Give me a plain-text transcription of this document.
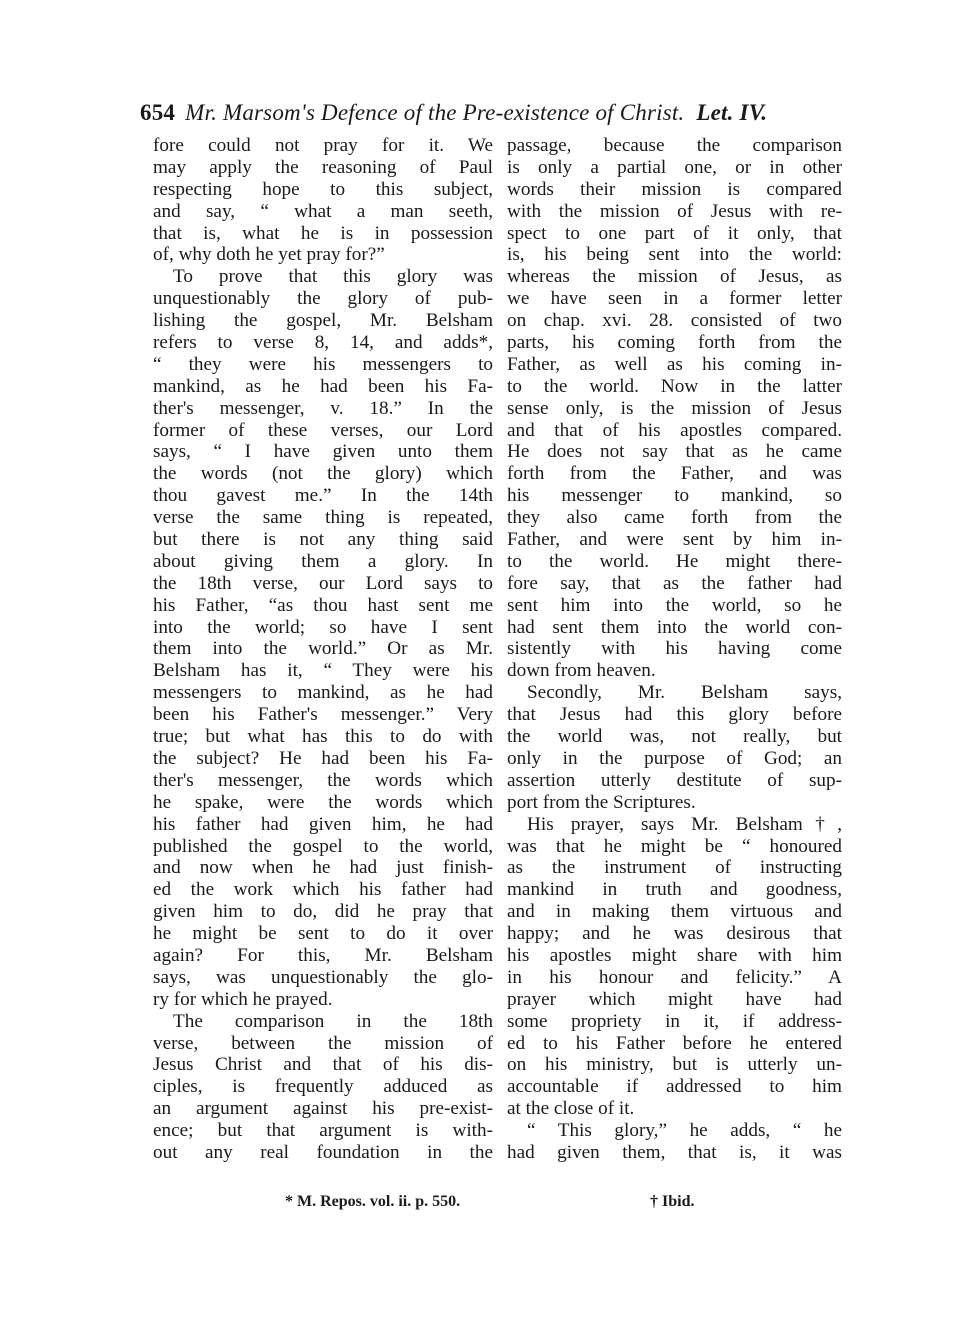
654 Mr. Marsom's Defence of the Pre-existence of Christ. Let. IV.
fore could not pray for it. We
may apply the reasoning of Paul
respecting hope to this subject,
and say, “ what a man seeth,
that is, what he is in possession
of, why doth he yet pray for?”
To prove that this glory was
unquestionably the glory of pub-
lishing the gospel, Mr. Belsham
refers to verse 8, 14, and adds*,
“ they were his messengers to
mankind, as he had been his Fa-
ther's messenger, v. 18.” In the
former of these verses, our Lord
says, “ I have given unto them
the words (not the glory) which
thou gavest me.” In the 14th
verse the same thing is repeated,
but there is not any thing said
about giving them a glory. In
the 18th verse, our Lord says to
his Father, “as thou hast sent me
into the world; so have I sent
them into the world.” Or as Mr.
Belsham has it, “ They were his
messengers to mankind, as he had
been his Father's messenger.” Very
true; but what has this to do with
the subject? He had been his Fa-
ther's messenger, the words which
he spake, were the words which
his father had given him, he had
published the gospel to the world,
and now when he had just finish-
ed the work which his father had
given him to do, did he pray that
he might be sent to do it over
again? For this, Mr. Belsham
says, was unquestionably the glo-
ry for which he prayed.
The comparison in the 18th
verse, between the mission of
Jesus Christ and that of his dis-
ciples, is frequently adduced as
an argument against his pre-exist-
ence; but that argument is with-
out any real foundation in the
passage, because the comparison
is only a partial one, or in other
words their mission is compared
with the mission of Jesus with re-
spect to one part of it only, that
is, his being sent into the world:
whereas the mission of Jesus, as
we have seen in a former letter
on chap. xvi. 28. consisted of two
parts, his coming forth from the
Father, as well as his coming in-
to the world. Now in the latter
sense only, is the mission of Jesus
and that of his apostles compared.
He does not say that as he came
forth from the Father, and was
his messenger to mankind, so
they also came forth from the
Father, and were sent by him in-
to the world. He might there-
fore say, that as the father had
sent him into the world, so he
had sent them into the world con-
sistently with his having come
down from heaven.
Secondly, Mr. Belsham says,
that Jesus had this glory before
the world was, not really, but
only in the purpose of God; an
assertion utterly destitute of sup-
port from the Scriptures.
His prayer, says Mr. Belsham†,
was that he might be “ honoured
as the instrument of instructing
mankind in truth and goodness,
and in making them virtuous and
happy; and he was desirous that
his apostles might share with him
in his honour and felicity.” A
prayer which might have had
some propriety in it, if address-
ed to his Father before he entered
on his ministry, but is utterly un-
accountable if addressed to him
at the close of it.
“ This glory,” he adds, “ he
had given them, that is, it was
* M. Repos. vol. ii. p. 550.	† Ibid.
